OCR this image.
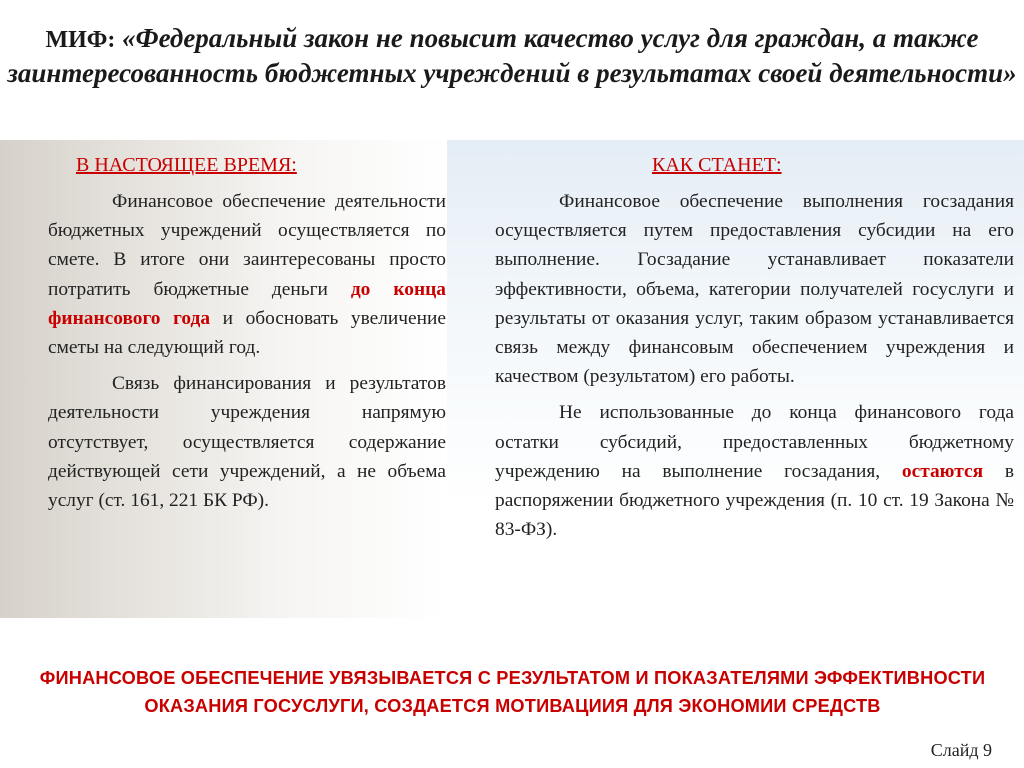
МИФ: «Федеральный закон не повысит качество услуг для граждан, а также заинтересованность бюджетных учреждений в результатах своей деятельности»
В НАСТОЯЩЕЕ ВРЕМЯ:	КАК СТАНЕТ:

Финансовое обеспечение деятельности бюджетных учреждений осуществляется по смете. В итоге они заинтересованы просто потратить бюджетные деньги до конца финансового года и обосновать увеличение сметы на следующий год.

Связь финансирования и результатов деятельности учреждения напрямую отсутствует, осуществляется содержание действующей сети учреждений, а не объема услуг (ст. 161, 221 БК РФ).

Финансовое обеспечение выполнения госзадания осуществляется путем предоставления субсидии на его выполнение. Госзадание устанавливает показатели эффективности, объема, категории получателей госуслуги и результаты от оказания услуг, таким образом устанавливается связь между финансовым обеспечением учреждения и качеством (результатом) его работы.

Не использованные до конца финансового года остатки субсидий, предоставленных бюджетному учреждению на выполнение госзадания, остаются в распоряжении бюджетного учреждения (п. 10 ст. 19 Закона № 83-ФЗ).

ФИНАНСОВОЕ ОБЕСПЕЧЕНИЕ УВЯЗЫВАЕТСЯ С РЕЗУЛЬТАТОМ И ПОКАЗАТЕЛЯМИ ЭФФЕКТИВНОСТИ ОКАЗАНИЯ ГОСУСЛУГИ, СОЗДАЕТСЯ МОТИВАЦИИЯ ДЛЯ ЭКОНОМИИ СРЕДСТВ
Слайд 9
